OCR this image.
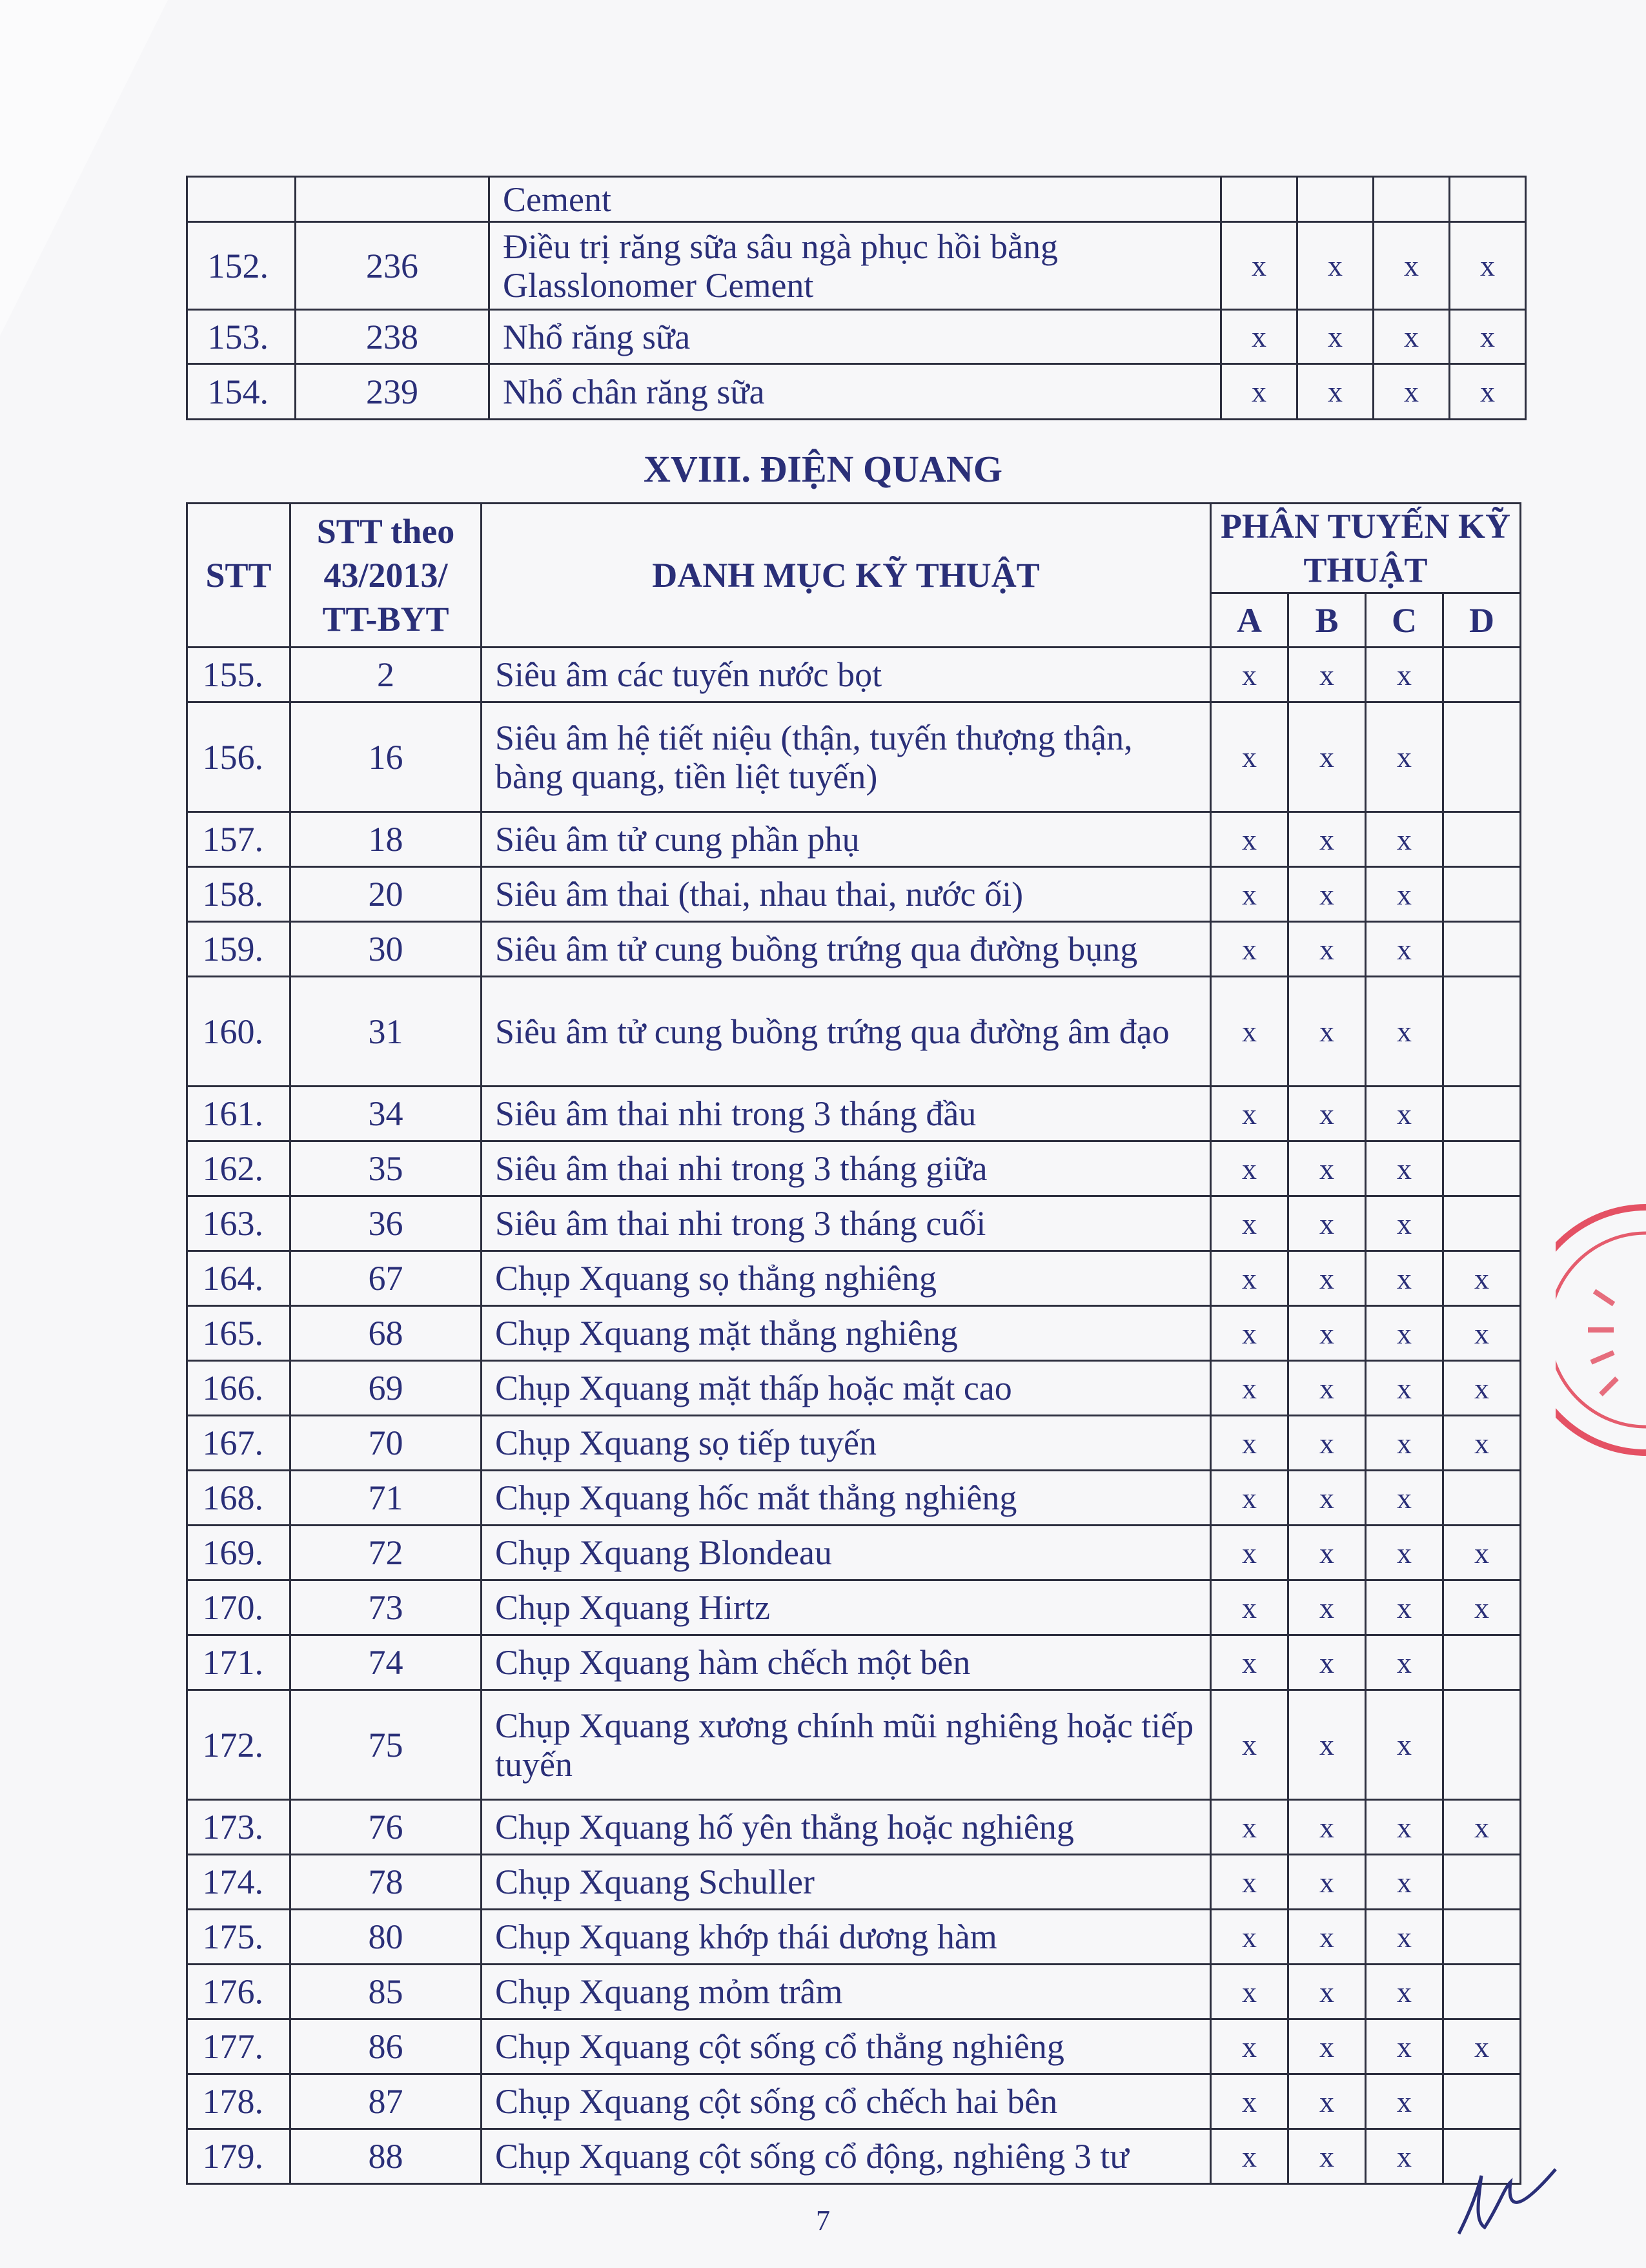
		Cement				
152.	236	Điều trị răng sữa sâu ngà phục hồi bằng Glasslonomer Cement	x	x	x	x
153.	238	Nhổ răng sữa	x	x	x	x
154.	239	Nhổ chân răng sữa	x	x	x	x
XVIII. ĐIỆN QUANG
STT	STT theo 43/2013/ TT-BYT	DANH MỤC KỸ THUẬT	PHÂN TUYẾN KỸ THUẬT			
			A	B	C	D
155.	2	Siêu âm các tuyến nước bọt	x	x	x	
156.	16	Siêu âm hệ tiết niệu (thận, tuyến thượng thận, bàng quang, tiền liệt tuyến)	x	x	x	
157.	18	Siêu âm tử cung phần phụ	x	x	x	
158.	20	Siêu âm thai (thai, nhau thai, nước ối)	x	x	x	
159.	30	Siêu âm tử cung buồng trứng qua đường bụng	x	x	x	
160.	31	Siêu âm tử cung buồng trứng qua đường âm đạo	x	x	x	
161.	34	Siêu âm thai nhi trong 3 tháng đầu	x	x	x	
162.	35	Siêu âm thai nhi trong 3 tháng giữa	x	x	x	
163.	36	Siêu âm thai nhi trong 3 tháng cuối	x	x	x	
164.	67	Chụp Xquang sọ thẳng nghiêng	x	x	x	x
165.	68	Chụp Xquang mặt thẳng nghiêng	x	x	x	x
166.	69	Chụp Xquang mặt thấp hoặc mặt cao	x	x	x	x
167.	70	Chụp Xquang sọ tiếp tuyến	x	x	x	x
168.	71	Chụp Xquang hốc mắt thẳng nghiêng	x	x	x	
169.	72	Chụp Xquang Blondeau	x	x	x	x
170.	73	Chụp Xquang Hirtz	x	x	x	x
171.	74	Chụp Xquang hàm chếch một bên	x	x	x	
172.	75	Chụp Xquang xương chính mũi nghiêng hoặc tiếp tuyến	x	x	x	
173.	76	Chụp Xquang hố yên thẳng hoặc nghiêng	x	x	x	x
174.	78	Chụp Xquang Schuller	x	x	x	
175.	80	Chụp Xquang khớp thái dương hàm	x	x	x	
176.	85	Chụp Xquang mỏm trâm	x	x	x	
177.	86	Chụp Xquang cột sống cổ thẳng nghiêng	x	x	x	x
178.	87	Chụp Xquang cột sống cổ chếch hai bên	x	x	x	
179.	88	Chụp Xquang cột sống cổ động, nghiêng 3 tư	x	x	x	
7
